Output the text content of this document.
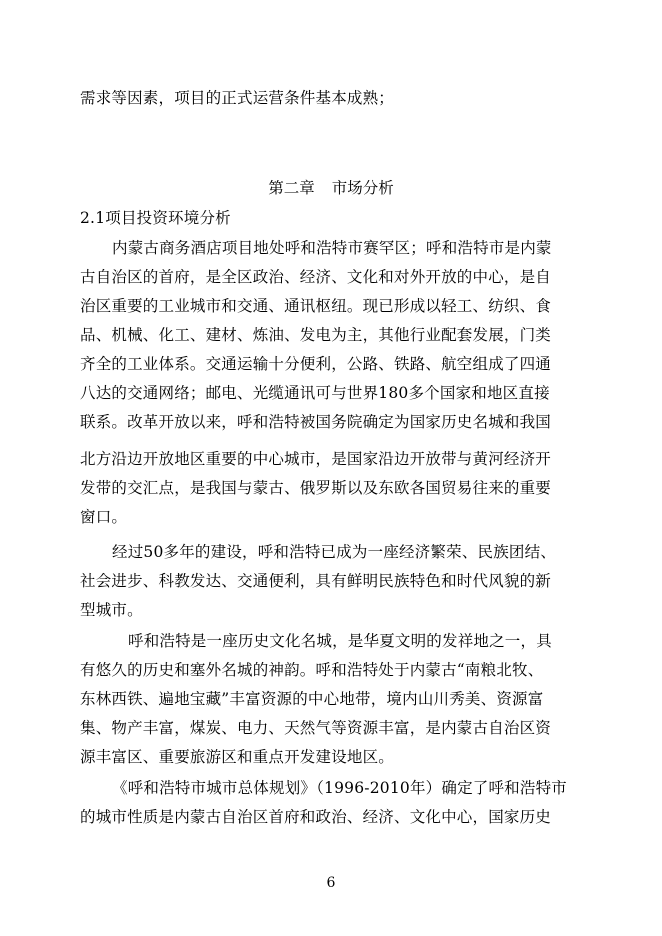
需求等因素，项目的正式运营条件基本成熟；
第二章 市场分析
2.1项目投资环境分析
内蒙古商务酒店项目地处呼和浩特市赛罕区；呼和浩特市是内蒙
古自治区的首府，是全区政治、经济、文化和对外开放的中心，是自
治区重要的工业城市和交通、通讯枢纽。现已形成以轻工、纺织、食
品、机械、化工、建材、炼油、发电为主，其他行业配套发展，门类
齐全的工业体系。交通运输十分便利，公路、铁路、航空组成了四通
八达的交通网络；邮电、光缆通讯可与世界180多个国家和地区直接
联系。改革开放以来，呼和浩特被国务院确定为国家历史名城和我国
北方沿边开放地区重要的中心城市，是国家沿边开放带与黄河经济开
发带的交汇点，是我国与蒙古、俄罗斯以及东欧各国贸易往来的重要
窗口。
经过50多年的建设，呼和浩特已成为一座经济繁荣、民族团结、
社会进步、科教发达、交通便利，具有鲜明民族特色和时代风貌的新
型城市。
呼和浩特是一座历史文化名城，是华夏文明的发祥地之一，具
有悠久的历史和塞外名城的神韵。呼和浩特处于内蒙古“南粮北牧、
东林西铁、遍地宝藏”丰富资源的中心地带，境内山川秀美、资源富
集、物产丰富，煤炭、电力、天然气等资源丰富，是内蒙古自治区资
源丰富区、重要旅游区和重点开发建设地区。
《呼和浩特市城市总体规划》（1996-2010年）确定了呼和浩特市
的城市性质是内蒙古自治区首府和政治、经济、文化中心，国家历史
6
